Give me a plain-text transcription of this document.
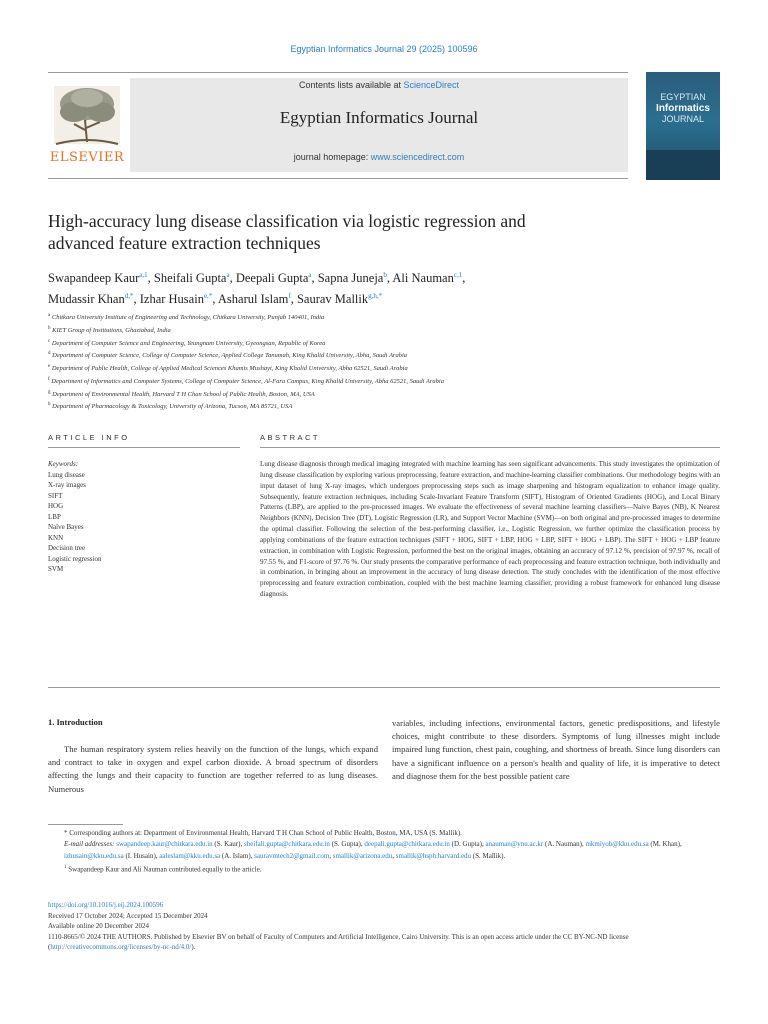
Egyptian Informatics Journal 29 (2025) 100596
ELSEVIER
Contents lists available at ScienceDirect
Egyptian Informatics Journal
journal homepage: www.sciencedirect.com
EGYPTIAN
Informatics
JOURNAL
High-accuracy lung disease classification via logistic regression and
advanced feature extraction techniques
Swapandeep Kaur$^{a,1}$, Sheifali Gupta$^a$, Deepali Gupta$^a$, Sapna Juneja$^b$, Ali Nauman$^{c,1}$,
Mudassir Khan$^{d,*}$, Izhar Husain$^{e,*}$, Asharul Islam$^f$, Saurav Mallik$^{g,h,*}$
$^a$ Chitkara University Institute of Engineering and Technology, Chitkara University, Punjab 140401, India
$^b$ KIET Group of Institutions, Ghaziabad, India
$^c$ Department of Computer Science and Engineering, Yeungnam University, Gyeongsan, Republic of Korea
$^d$ Department of Computer Science, College of Computer Science, Applied College Tanumah, King Khalid University, Abha, Saudi Arabia
$^e$ Department of Public Health, College of Applied Medical Sciences Khamis Mushayt, King Khalid University, Abha 62521, Saudi Arabia
$^f$ Department of Informatics and Computer Systems, College of Computer Science, Al-Fara Campus, King Khalid University, Abha 62521, Saudi Arabia
$^g$ Department of Environmental Health, Harvard T H Chan School of Public Health, Boston, MA, USA
$^h$ Department of Pharmacology & Toxicology, University of Arizona, Tucson, MA 85721, USA
ARTICLE INFO	ABSTRACT
Keywords:
Lung disease
X-ray images
SIFT
HOG
LBP
Naïve Bayes
KNN
Decision tree
Logistic regression
SVM
Lung disease diagnosis through medical imaging integrated with machine learning has seen significant advancements. This study investigates the optimization of lung disease classification by exploring various preprocessing, feature extraction, and machine-learning classifier combinations. Our methodology begins with an input dataset of lung X-ray images, which undergoes preprocessing steps such as image sharpening and histogram equalization to enhance image quality. Subsequently, feature extraction techniques, including Scale-Invariant Feature Transform (SIFT), Histogram of Oriented Gradients (HOG), and Local Binary Patterns (LBP), are applied to the pre-processed images. We evaluate the effectiveness of several machine learning classifiers—Naive Bayes (NB), K Nearest Neighbors (KNN), Decision Tree (DT), Logistic Regression (LR), and Support Vector Machine (SVM)—on both original and pre-processed images to determine the optimal classifier. Following the selection of the best-performing classifier, i.e., Logistic Regression, we further optimize the classification process by applying combinations of the feature extraction techniques (SIFT + HOG, SIFT + LBP, HOG + LBP, SIFT + HOG + LBP). The SIFT + HOG + LBP feature extraction, in combination with Logistic Regression, performed the best on the original images, obtaining an accuracy of 97.12 %, precision of 97.97 %, recall of 97.55 %, and F1-score of 97.76 %. Our study presents the comparative performance of each preprocessing and feature extraction technique, both individually and in combination, in bringing about an improvement in the accuracy of lung disease detection. The study concludes with the identification of the most effective preprocessing and feature extraction combination, coupled with the best machine learning classifier, providing a robust framework for enhanced lung disease diagnosis.
1. Introduction
The human respiratory system relies heavily on the function of the lungs, which expand and contract to take in oxygen and expel carbon dioxide. A broad spectrum of disorders affecting the lungs and their capacity to function are together referred to as lung diseases. Numerous
variables, including infections, environmental factors, genetic predispositions, and lifestyle choices, might contribute to these disorders. Symptoms of lung illnesses might include impaired lung function, chest pain, coughing, and shortness of breath. Since lung disorders can have a significant influence on a person's health and quality of life, it is imperative to detect and diagnose them for the best possible patient care
* Corresponding authors at: Department of Environmental Health, Harvard T H Chan School of Public Health, Boston, MA, USA (S. Mallik).
E-mail addresses: swapandeep.kaur@chitkara.edu.in (S. Kaur), sheifali.gupta@chitkara.edu.in (S. Gupta), deepali.gupta@chitkara.edu.in (D. Gupta), anauman@ynu.ac.kr (A. Nauman), mkmiyob@kku.edu.sa (M. Khan), izhusain@kku.edu.sa (I. Husain), aaleslam@kku.edu.sa (A. Islam), sauravmtech2@gmail.com, smallik@arizona.edu, smallik@hsph.harvard.edu (S. Mallik).
$^1$ Swapandeep Kaur and Ali Nauman contributed equally to the article.
https://doi.org/10.1016/j.eij.2024.100596
Received 17 October 2024; Accepted 15 December 2024
Available online 20 December 2024
1110-8665/© 2024 THE AUTHORS. Published by Elsevier BV on behalf of Faculty of Computers and Artificial Intelligence, Cairo University. This is an open access article under the CC BY-NC-ND license (http://creativecommons.org/licenses/by-nc-nd/4.0/).
